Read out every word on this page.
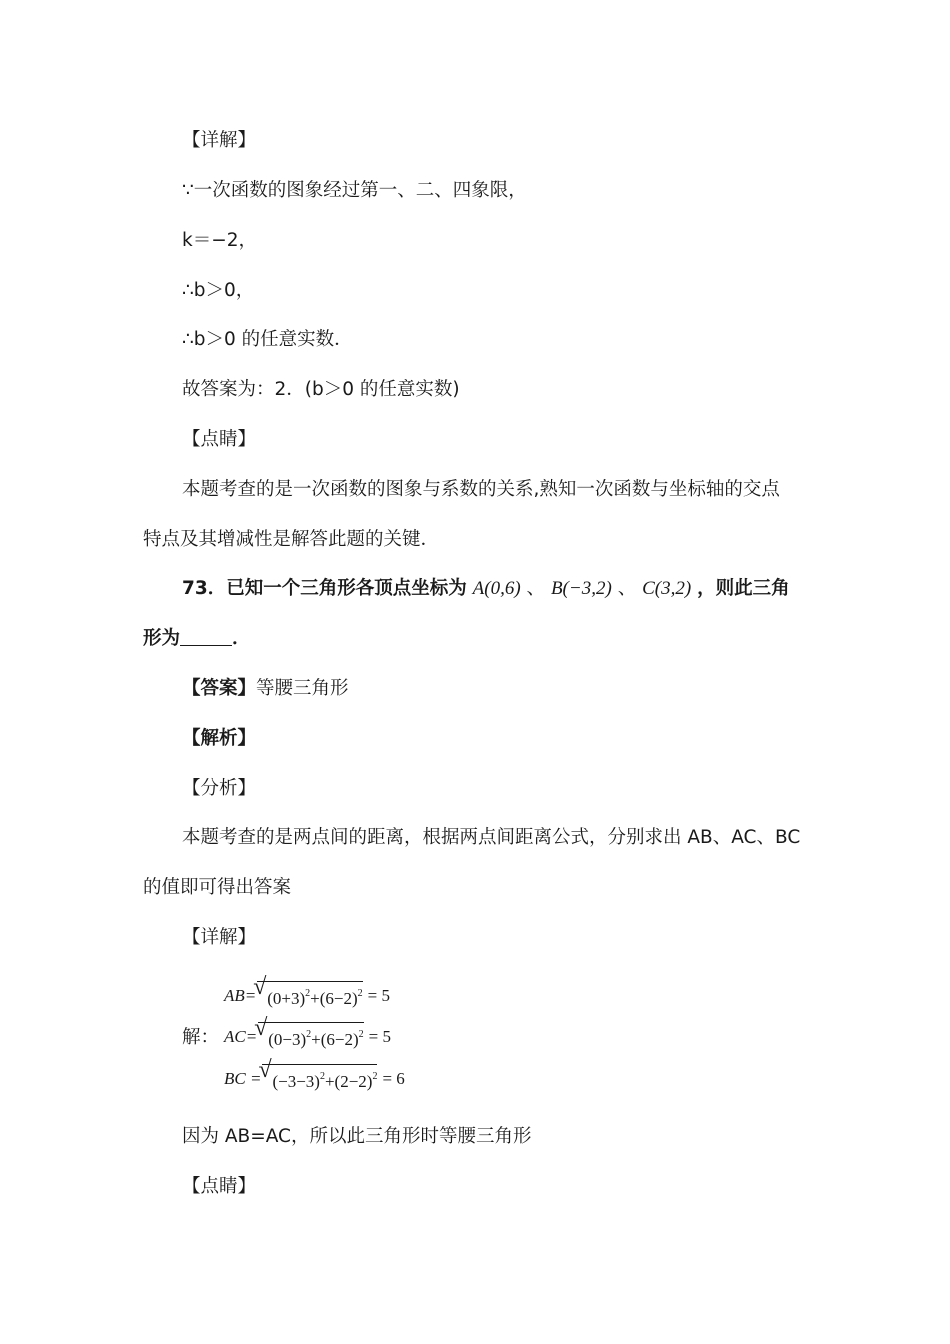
【详解】
∵一次函数的图象经过第一、二、四象限，
k＝−2，
∴b＞0，
∴b＞0 的任意实数．
故答案为：2．(b＞0 的任意实数)
【点睛】
本题考查的是一次函数的图象与系数的关系,熟知一次函数与坐标轴的交点
特点及其增减性是解答此题的关键．
73．已知一个三角形各顶点坐标为 A(0,6) 、 B(−3,2) 、 C(3,2) ，则此三角
形为	．
【答案】等腰三角形
【解析】
【分析】
本题考查的是两点间的距离，根据两点间距离公式，分别求出 AB、AC、BC
的值即可得出答案
【详解】
AB= √ $(0+3)^2+(6-2)^2 = 5$
解： AC= √ $(0-3)^2+(6-2)^2 = 5$
BC = √ $(-3-3)^2+(2-2)^2 = 6$
因为 AB=AC，所以此三角形时等腰三角形
【点睛】
